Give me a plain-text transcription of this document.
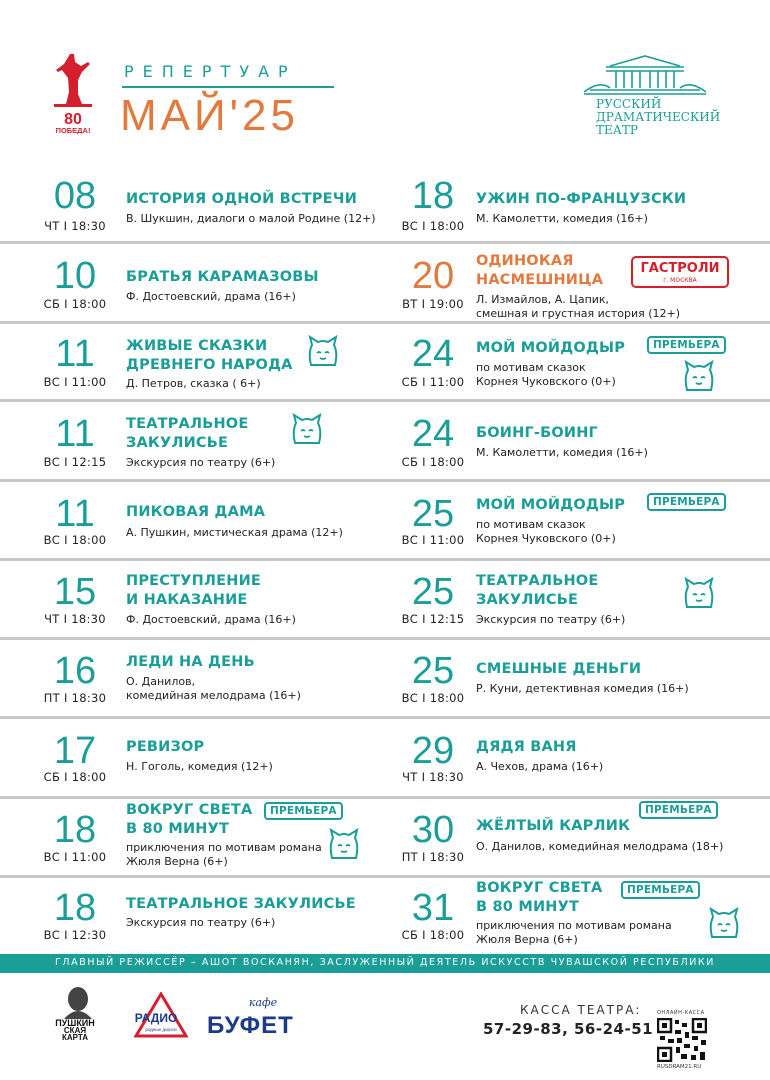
80
ПОБЕДА!
РЕПЕРТУАР
МАЙ'25	РУССКИЙ
ДРАМАТИЧЕСКИЙ
ТЕАТР
08
ЧТ I 18:30
ИСТОРИЯ ОДНОЙ ВСТРЕЧИ
В. Шукшин, диалоги о малой Родине (12+)
10
СБ I 18:00
БРАТЬЯ КАРАМАЗОВЫ
Ф. Достоевский, драма (16+)
11
ВС I 11:00
ЖИВЫЕ СКАЗКИ
ДРЕВНЕГО НАРОДА
Д. Петров, сказка ( 6+)
11
ВС I 12:15
ТЕАТРАЛЬНОЕ
ЗАКУЛИСЬЕ
Экскурсия по театру (6+)
11
ВС I 18:00
ПИКОВАЯ ДАМА
А. Пушкин, мистическая драма (12+)
15
ЧТ I 18:30
ПРЕСТУПЛЕНИЕ
И НАКАЗАНИЕ
Ф. Достоевский, драма (16+)
16
ПТ I 18:30
ЛЕДИ НА ДЕНЬ
О. Данилов,
комедийная мелодрама (16+)
17
СБ I 18:00
РЕВИЗОР
Н. Гоголь, комедия (12+)
18
ВС I 11:00
ВОКРУГ СВЕТА
В 80 МИНУТ
приключения по мотивам романа
Жюля Верна (6+)
ПРЕМЬЕРА
18
ВС I 12:30
ТЕАТРАЛЬНОЕ ЗАКУЛИСЬЕ
Экскурсия по театру (6+)
18
ВС I 18:00
УЖИН ПО-ФРАНЦУЗСКИ
М. Камолетти, комедия (16+)
20
ВТ I 19:00
ОДИНОКАЯ
НАСМЕШНИЦА
Л. Измайлов, А. Цапик,
смешная и грустная история (12+)
ГАСТРОЛИ
г. МОСКВА
24
СБ I 11:00
МОЙ МОЙДОДЫР
по мотивам сказок
Корнея Чуковского (0+)
ПРЕМЬЕРА
24
СБ I 18:00
БОИНГ-БОИНГ
М. Камолетти, комедия (16+)
25
ВС I 11:00
МОЙ МОЙДОДЫР
по мотивам сказок
Корнея Чуковского (0+)
ПРЕМЬЕРА
25
ВС I 12:15
ТЕАТРАЛЬНОЕ
ЗАКУЛИСЬЕ
Экскурсия по театру (6+)
25
ВС I 18:00
СМЕШНЫЕ ДЕНЬГИ
Р. Куни, детективная комедия (16+)
29
ЧТ I 18:30
ДЯДЯ ВАНЯ
А. Чехов, драма (16+)
30
ПТ I 18:30
ЖЁЛТЫЙ КАРЛИК
О. Данилов, комедийная мелодрама (18+)
ПРЕМЬЕРА
31
СБ I 18:00
ВОКРУГ СВЕТА
В 80 МИНУТ
приключения по мотивам романа
Жюля Верна (6+)
ПРЕМЬЕРА
ГЛАВНЫЙ РЕЖИССЁР – АШОТ ВОСКАНЯН, ЗАСЛУЖЕННЫЙ ДЕЯТЕЛЬ ИСКУССТВ ЧУВАШСКОЙ РЕСПУБЛИКИ
ПУШКИН
СКАЯ
КАРТА
РАДИО
родные дороги
кафе
БУФЕТ
КАССА ТЕАТРА:
57-29-83, 56-24-51
ОНЛАЙН-КАССА
RUSDRAM21.RU
